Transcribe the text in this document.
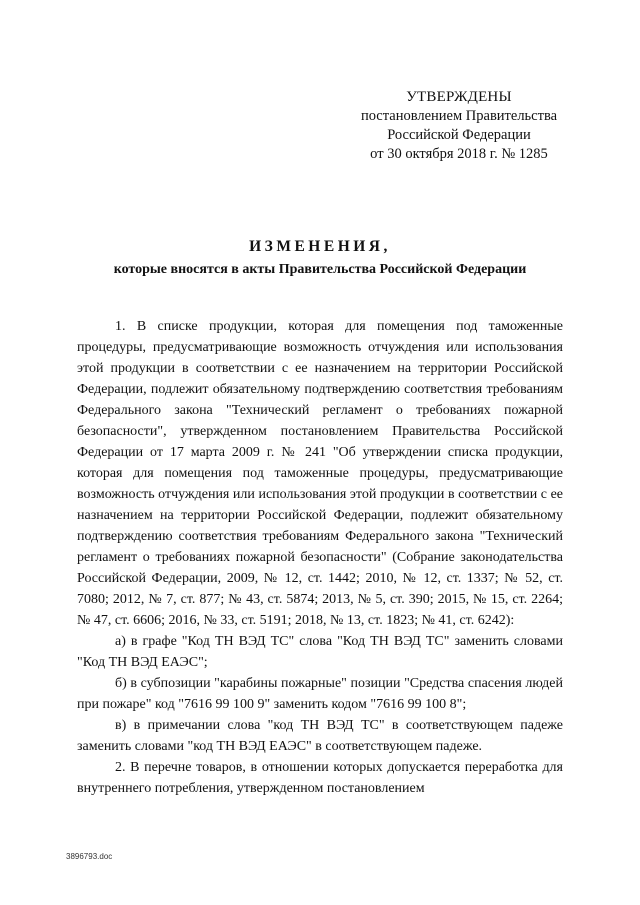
УТВЕРЖДЕНЫ
постановлением Правительства
Российской Федерации
от 30 октября 2018 г. № 1285
ИЗМЕНЕНИЯ,
которые вносятся в акты Правительства Российской Федерации

1. В списке продукции, которая для помещения под таможенные процедуры, предусматривающие возможность отчуждения или использования этой продукции в соответствии с ее назначением на территории Российской Федерации, подлежит обязательному подтверждению соответствия требованиям Федерального закона "Технический регламент о требованиях пожарной безопасности", утвержденном постановлением Правительства Российской Федерации от 17 марта 2009 г. № 241 "Об утверждении списка продукции, которая для помещения под таможенные процедуры, предусматривающие возможность отчуждения или использования этой продукции в соответствии с ее назначением на территории Российской Федерации, подлежит обязательному подтверждению соответствия требованиям Федерального закона "Технический регламент о требованиях пожарной безопасности" (Собрание законодательства Российской Федерации, 2009, № 12, ст. 1442; 2010, № 12, ст. 1337; № 52, ст. 7080; 2012, № 7, ст. 877; № 43, ст. 5874; 2013, № 5, ст. 390; 2015, № 15, ст. 2264; № 47, ст. 6606; 2016, № 33, ст. 5191; 2018, № 13, ст. 1823; № 41, ст. 6242):

а) в графе "Код ТН ВЭД ТС" слова "Код ТН ВЭД ТС" заменить словами "Код ТН ВЭД ЕАЭС";

б) в субпозиции "карабины пожарные" позиции "Средства спасения людей при пожаре" код "7616 99 100 9" заменить кодом "7616 99 100 8";

в) в примечании слова "код ТН ВЭД ТС" в соответствующем падеже заменить словами "код ТН ВЭД ЕАЭС" в соответствующем падеже.

2. В перечне товаров, в отношении которых допускается переработка для внутреннего потребления, утвержденном постановлением

3896793.doc
